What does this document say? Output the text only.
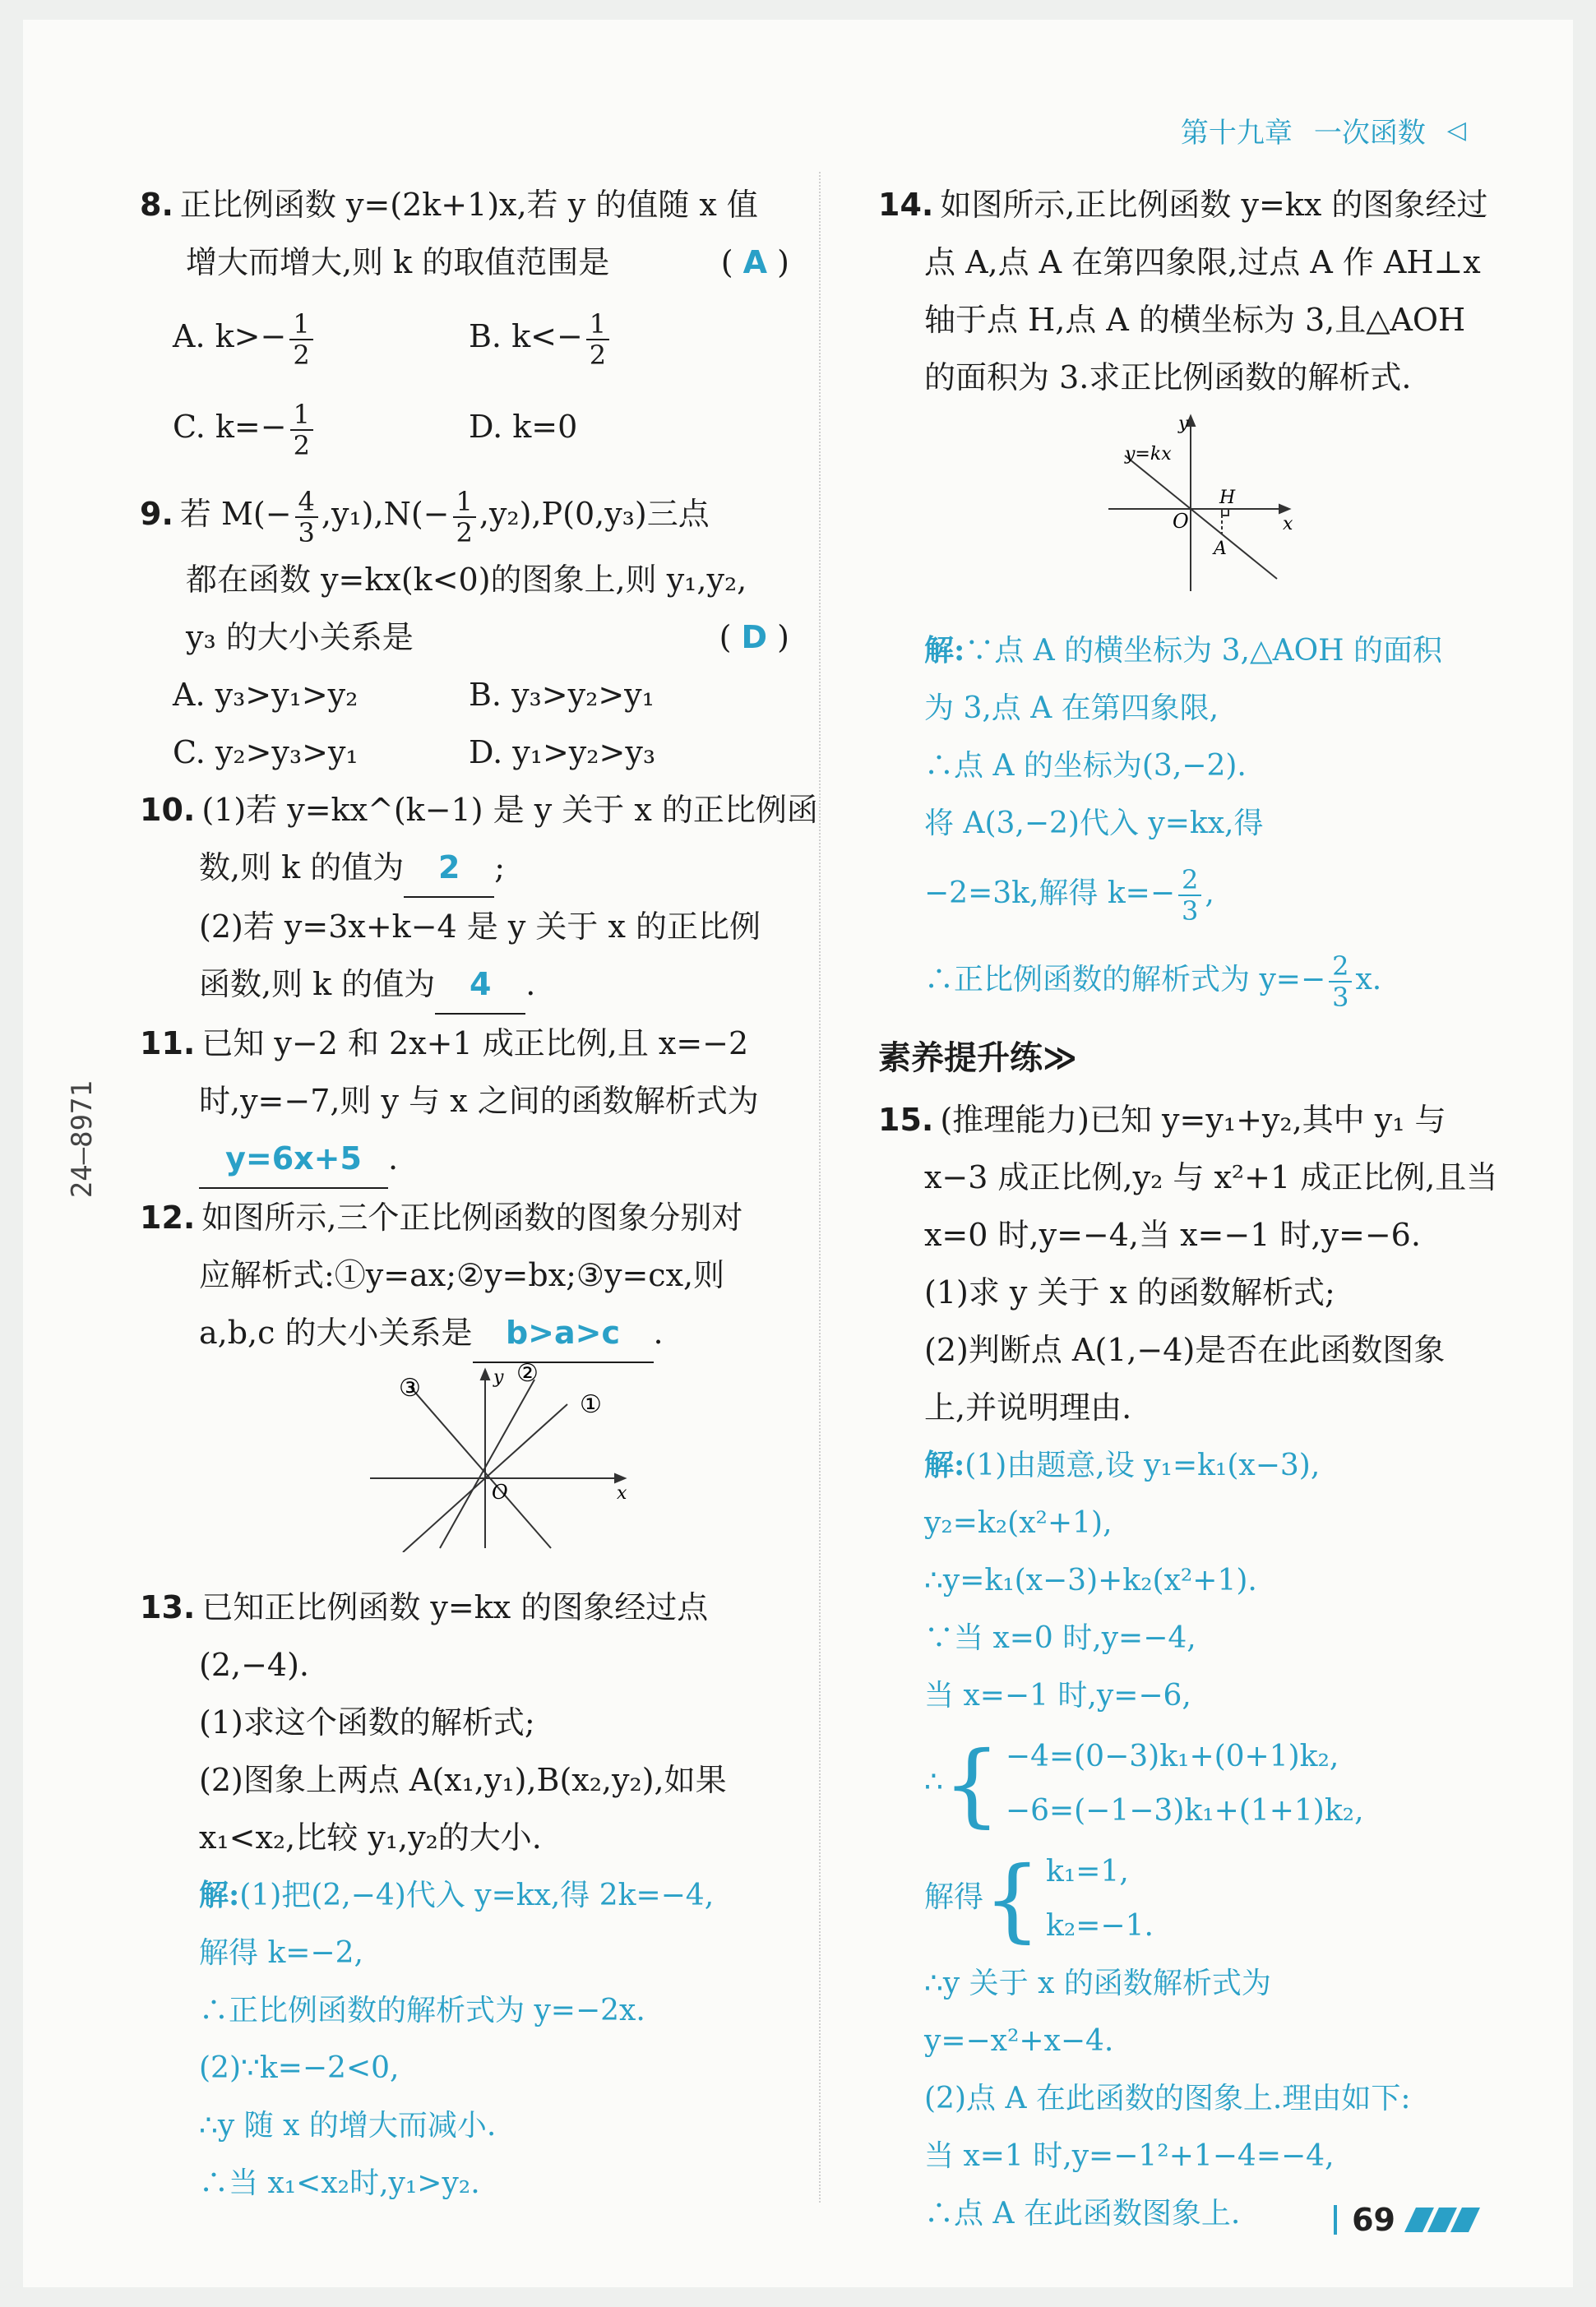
第十九章 一次函数 ◁
24—8971
8. 正比例函数 y=(2k+1)x,若 y 的值随 x 值
增大而增大,则 k 的取值范围是	( A )
A. $k>- \frac{1}{2}$	B. $k<- \frac{1}{2}$
C. $k=- \frac{1}{2}$	D. k=0
9. 若 $M(- \frac{4}{3} ,y_1),N(- \frac{1}{2} ,y_2),P(0,y_3)$三点
都在函数 y=kx(k<0)的图象上,则 y₁,y₂,
y₃ 的大小关系是	( D )
A. y₃>y₁>y₂	B. y₃>y₂>y₁
C. y₂>y₃>y₁	D. y₁>y₂>y₃
10. (1)若 y=kx^(k−1) 是 y 关于 x 的正比例函
数,则 k 的值为 2 ;
(2)若 y=3x+k−4 是 y 关于 x 的正比例
函数,则 k 的值为 4 .
11. 已知 y−2 和 2x+1 成正比例,且 x=−2
时,y=−7,则 y 与 x 之间的函数解析式为
y=6x+5 .
12. 如图所示,三个正比例函数的图象分别对
应解析式:①y=ax;②y=bx;③y=cx,则
a,b,c 的大小关系是 b>a>c .
①
②
③
x
y
O
13. 已知正比例函数 y=kx 的图象经过点
(2,−4).
(1)求这个函数的解析式;
(2)图象上两点 A(x₁,y₁),B(x₂,y₂),如果
x₁<x₂,比较 y₁,y₂的大小.
解:(1)把(2,−4)代入 y=kx,得 2k=−4,
解得 k=−2,
∴正比例函数的解析式为 y=−2x.
(2)∵k=−2<0,
∴y 随 x 的增大而减小.
∴当 x₁<x₂时,y₁>y₂.
14. 如图所示,正比例函数 y=kx 的图象经过
点 A,点 A 在第四象限,过点 A 作 AH⊥x
轴于点 H,点 A 的横坐标为 3,且△AOH
的面积为 3.求正比例函数的解析式.
y=kx
y
x
O
H
A
解:∵点 A 的横坐标为 3,△AOH 的面积
为 3,点 A 在第四象限,
∴点 A 的坐标为(3,−2).
将 A(3,−2)代入 y=kx,得
−2=3k,解得 $k=- \frac{2}{3}$ ,
∴正比例函数的解析式为 $y=- \frac{2}{3} x$.
素养提升练≫
15. (推理能力)已知 y=y₁+y₂,其中 y₁ 与
x−3 成正比例,y₂ 与 x²+1 成正比例,且当
x=0 时,y=−4,当 x=−1 时,y=−6.
(1)求 y 关于 x 的函数解析式;
(2)判断点 A(1,−4)是否在此函数图象
上,并说明理由.
解:(1)由题意,设 y₁=k₁(x−3),
y₂=k₂(x²+1),
∴y=k₁(x−3)+k₂(x²+1).
∵当 x=0 时,y=−4,
当 x=−1 时,y=−6,
∴ { −4=(0−3)k₁+(0+1)k₂,
−6=(−1−3)k₁+(1+1)k₂,
解得 { k₁=1,
k₂=−1.
∴y 关于 x 的函数解析式为
y=−x²+x−4.
(2)点 A 在此函数的图象上.理由如下:
当 x=1 时,y=−1²+1−4=−4,
∴点 A 在此函数图象上.	69
